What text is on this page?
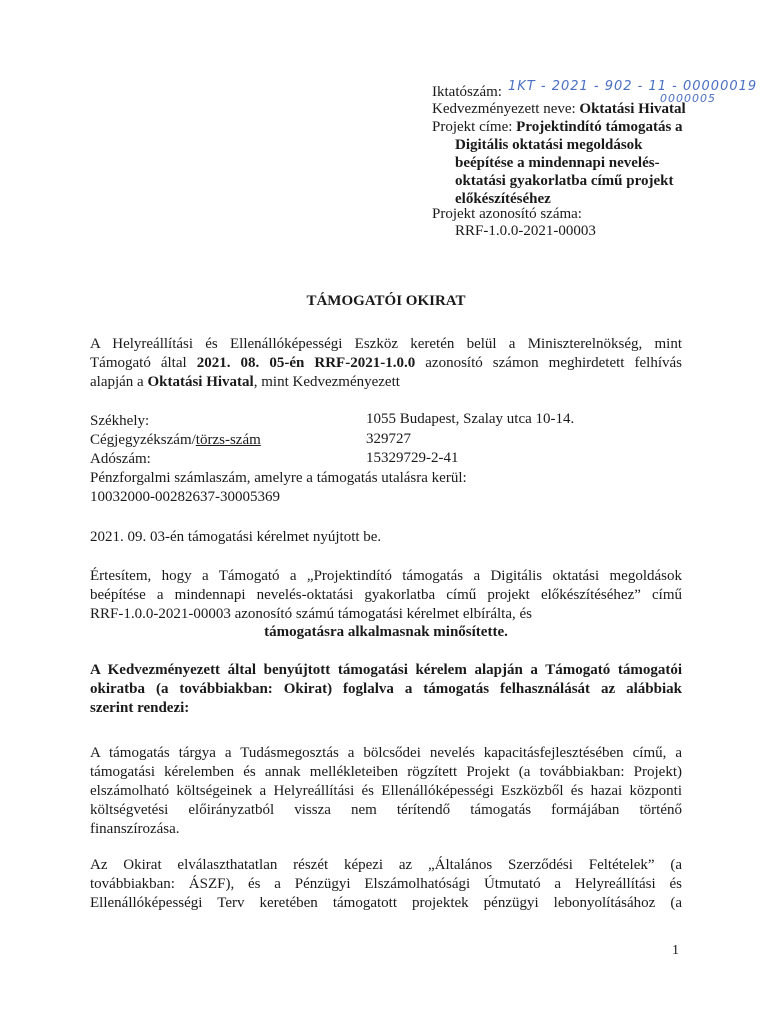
Iktatószám: 1KT - 2021 - 902 - 11 - 00000019
0000005
Kedvezményezett neve: Oktatási Hivatal
Projekt címe: Projektindító támogatás a
Digitális oktatási megoldások
beépítése a mindennapi nevelés-
oktatási gyakorlatba című projekt
előkészítéséhez
Projekt azonosító száma:
RRF-1.0.0-2021-00003
TÁMOGATÓI OKIRAT
A Helyreállítási és Ellenállóképességi Eszköz keretén belül a Miniszterelnökség, mint
Támogató által 2021. 08. 05-én RRF-2021-1.0.0 azonosító számon meghirdetett felhívás
alapján a Oktatási Hivatal, mint Kedvezményezett
Székhely:	1055 Budapest, Szalay utca 10-14.
Cégjegyzékszám/törzs-szám	329727
Adószám:	15329729-2-41
Pénzforgalmi számlaszám, amelyre a támogatás utalásra kerül:
10032000-00282637-30005369
2021. 09. 03-én támogatási kérelmet nyújtott be.
Értesítem, hogy a Támogató a „Projektindító támogatás a Digitális oktatási megoldások
beépítése a mindennapi nevelés-oktatási gyakorlatba című projekt előkészítéséhez” című
RRF-1.0.0-2021-00003 azonosító számú támogatási kérelmet elbírálta, és
támogatásra alkalmasnak minősítette.
A Kedvezményezett által benyújtott támogatási kérelem alapján a Támogató támogatói
okiratba (a továbbiakban: Okirat) foglalva a támogatás felhasználását az alábbiak
szerint rendezi:
A támogatás tárgya a Tudásmegosztás a bölcsődei nevelés kapacitásfejlesztésében című, a
támogatási kérelemben és annak mellékleteiben rögzített Projekt (a továbbiakban: Projekt)
elszámolható költségeinek a Helyreállítási és Ellenállóképességi Eszközből és hazai központi
költségvetési előirányzatból vissza nem térítendő támogatás formájában történő
finanszírozása.
Az Okirat elválaszthatatlan részét képezi az „Általános Szerződési Feltételek” (a
továbbiakban: ÁSZF), és a Pénzügyi Elszámolhatósági Útmutató a Helyreállítási és
Ellenállóképességi Terv keretében támogatott projektek pénzügyi lebonyolításához (a
1
